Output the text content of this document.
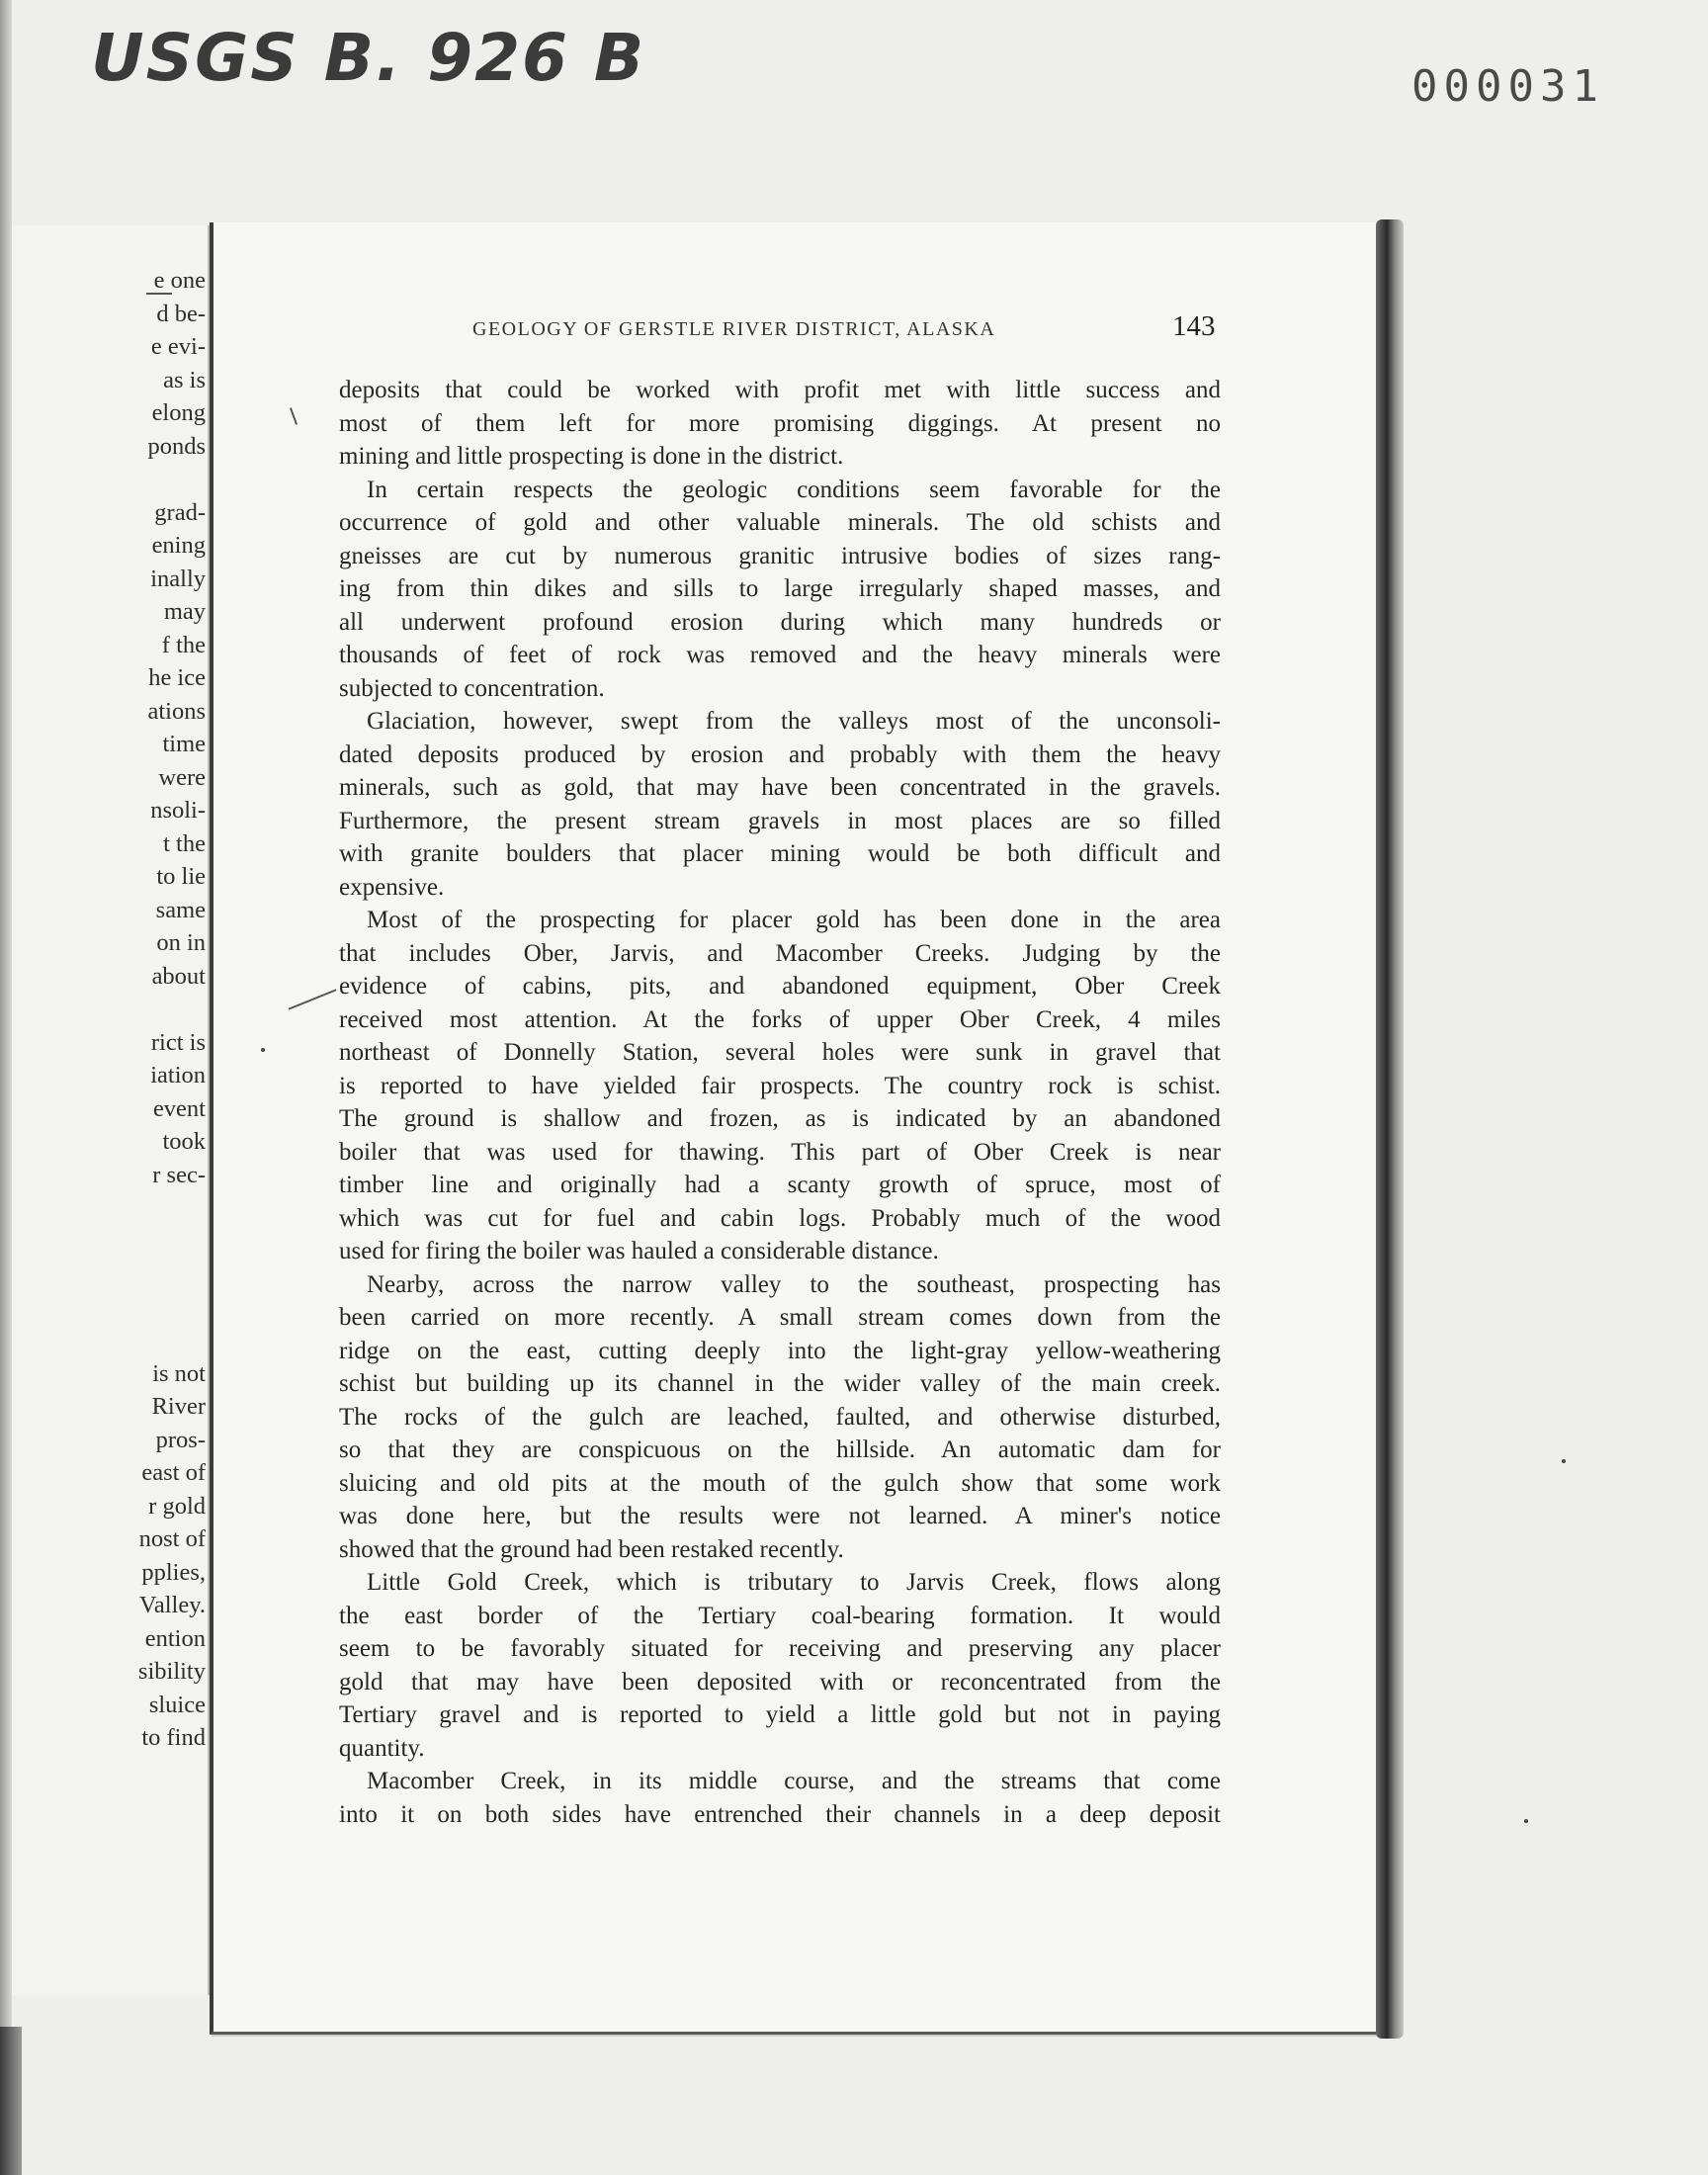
USGS B. 926 B	000031
e one
d be-
e evi-
as is
elong
ponds
grad-
ening
inally
may
f the
he ice
ations
time
were
nsoli-
t the
to lie
same
on in
about
rict is
iation
event
took
r sec-
is not
River
pros-
east of
r gold
nost of
pplies,
Valley.
ention
sibility
sluice
to find
GEOLOGY OF GERSTLE RIVER DISTRICT, ALASKA	143
deposits that could be worked with profit met with little success and
most of them left for more promising diggings. At present no
mining and little prospecting is done in the district.
In certain respects the geologic conditions seem favorable for the
occurrence of gold and other valuable minerals. The old schists and
gneisses are cut by numerous granitic intrusive bodies of sizes rang-
ing from thin dikes and sills to large irregularly shaped masses, and
all underwent profound erosion during which many hundreds or
thousands of feet of rock was removed and the heavy minerals were
subjected to concentration.
Glaciation, however, swept from the valleys most of the unconsoli-
dated deposits produced by erosion and probably with them the heavy
minerals, such as gold, that may have been concentrated in the gravels.
Furthermore, the present stream gravels in most places are so filled
with granite boulders that placer mining would be both difficult and
expensive.
Most of the prospecting for placer gold has been done in the area
that includes Ober, Jarvis, and Macomber Creeks. Judging by the
evidence of cabins, pits, and abandoned equipment, Ober Creek
received most attention. At the forks of upper Ober Creek, 4 miles
northeast of Donnelly Station, several holes were sunk in gravel that
is reported to have yielded fair prospects. The country rock is schist.
The ground is shallow and frozen, as is indicated by an abandoned
boiler that was used for thawing. This part of Ober Creek is near
timber line and originally had a scanty growth of spruce, most of
which was cut for fuel and cabin logs. Probably much of the wood
used for firing the boiler was hauled a considerable distance.
Nearby, across the narrow valley to the southeast, prospecting has
been carried on more recently. A small stream comes down from the
ridge on the east, cutting deeply into the light-gray yellow-weathering
schist but building up its channel in the wider valley of the main creek.
The rocks of the gulch are leached, faulted, and otherwise disturbed,
so that they are conspicuous on the hillside. An automatic dam for
sluicing and old pits at the mouth of the gulch show that some work
was done here, but the results were not learned. A miner's notice
showed that the ground had been restaked recently.
Little Gold Creek, which is tributary to Jarvis Creek, flows along
the east border of the Tertiary coal-bearing formation. It would
seem to be favorably situated for receiving and preserving any placer
gold that may have been deposited with or reconcentrated from the
Tertiary gravel and is reported to yield a little gold but not in paying
quantity.
Macomber Creek, in its middle course, and the streams that come
into it on both sides have entrenched their channels in a deep deposit
